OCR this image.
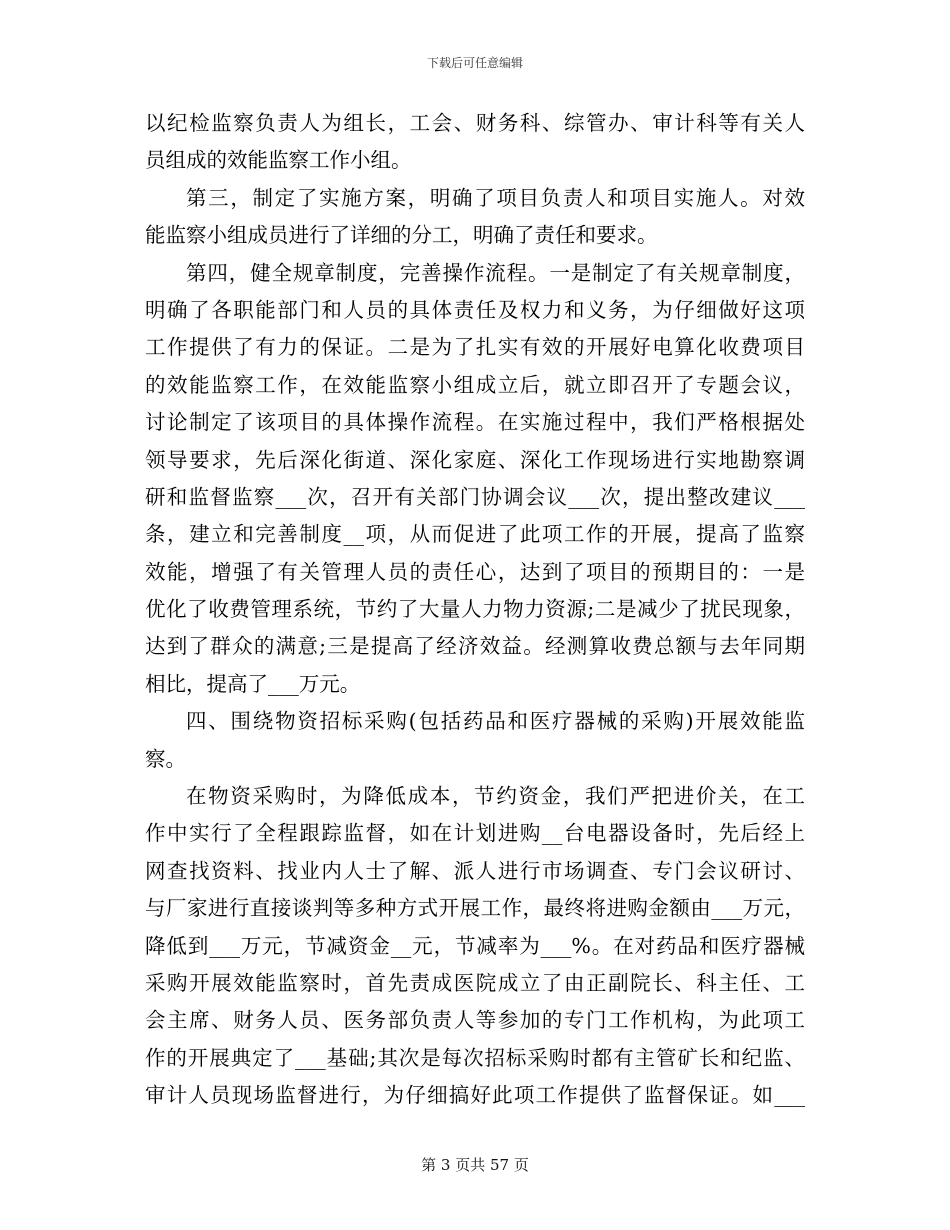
下载后可任意编辑
以纪检监察负责人为组长，工会、财务科、综管办、审计科等有关人
员组成的效能监察工作小组。
第三，制定了实施方案，明确了项目负责人和项目实施人。对效
能监察小组成员进行了详细的分工，明确了责任和要求。
第四，健全规章制度，完善操作流程。一是制定了有关规章制度，
明确了各职能部门和人员的具体责任及权力和义务，为仔细做好这项
工作提供了有力的保证。二是为了扎实有效的开展好电算化收费项目
的效能监察工作，在效能监察小组成立后，就立即召开了专题会议，
讨论制定了该项目的具体操作流程。在实施过程中，我们严格根据处
领导要求，先后深化街道、深化家庭、深化工作现场进行实地勘察调
研和监督监察___次，召开有关部门协调会议___次，提出整改建议___
条，建立和完善制度__项，从而促进了此项工作的开展，提高了监察
效能，增强了有关管理人员的责任心，达到了项目的预期目的：一是
优化了收费管理系统，节约了大量人力物力资源;二是减少了扰民现象，
达到了群众的满意;三是提高了经济效益。经测算收费总额与去年同期
相比，提高了___万元。
四、围绕物资招标采购(包括药品和医疗器械的采购)开展效能监
察。
在物资采购时，为降低成本，节约资金，我们严把进价关，在工
作中实行了全程跟踪监督，如在计划进购__台电器设备时，先后经上
网查找资料、找业内人士了解、派人进行市场调查、专门会议研讨、
与厂家进行直接谈判等多种方式开展工作，最终将进购金额由___万元，
降低到___万元，节减资金__元，节减率为___%。在对药品和医疗器械
采购开展效能监察时，首先责成医院成立了由正副院长、科主任、工
会主席、财务人员、医务部负责人等参加的专门工作机构，为此项工
作的开展典定了___基础;其次是每次招标采购时都有主管矿长和纪监、
审计人员现场监督进行，为仔细搞好此项工作提供了监督保证。如___
第 3 页共 57 页
